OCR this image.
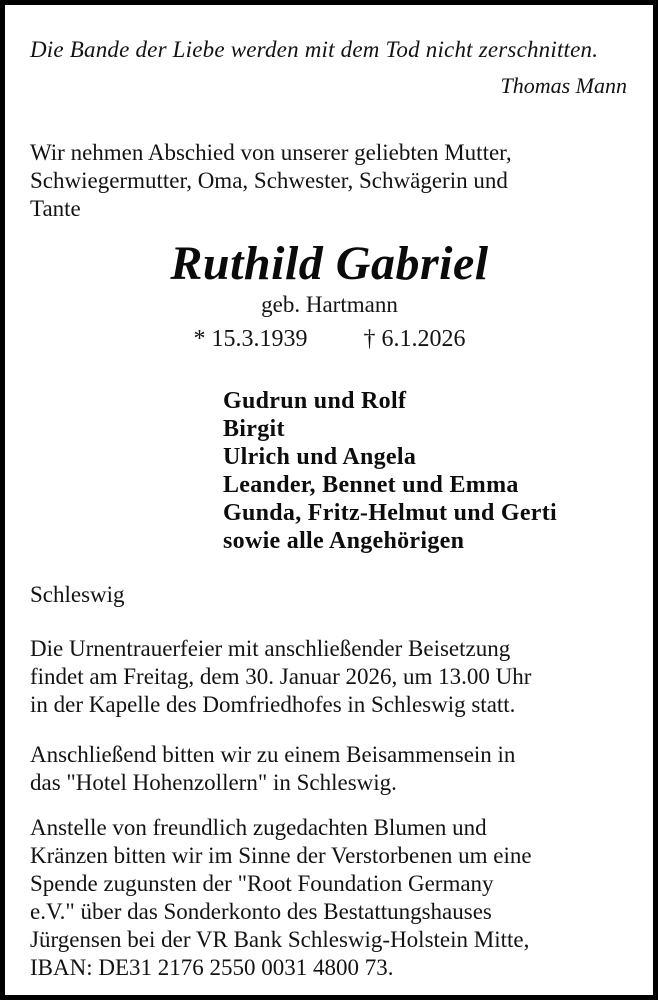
Die Bande der Liebe werden mit dem Tod nicht zerschnitten.
Thomas Mann
Wir nehmen Abschied von unserer geliebten Mutter,
Schwiegermutter, Oma, Schwester, Schwägerin und
Tante
Ruthild Gabriel
geb. Hartmann
* 15.3.1939 † 6.1.2026
Gudrun und Rolf
Birgit
Ulrich und Angela
Leander, Bennet und Emma
Gunda, Fritz-Helmut und Gerti
sowie alle Angehörigen
Schleswig
Die Urnentrauerfeier mit anschließender Beisetzung
findet am Freitag, dem 30. Januar 2026, um 13.00 Uhr
in der Kapelle des Domfriedhofes in Schleswig statt.
Anschließend bitten wir zu einem Beisammensein in
das "Hotel Hohenzollern" in Schleswig.
Anstelle von freundlich zugedachten Blumen und
Kränzen bitten wir im Sinne der Verstorbenen um eine
Spende zugunsten der "Root Foundation Germany
e.V." über das Sonderkonto des Bestattungshauses
Jürgensen bei der VR Bank Schleswig-Holstein Mitte,
IBAN: DE31 2176 2550 0031 4800 73.
